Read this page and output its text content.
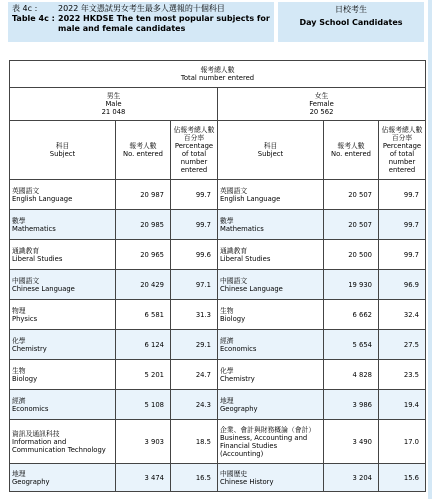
表 4c :	2022 年文憑試男女考生最多人選報的十個科目
Table 4c : 2022 HKDSE The ten most popular subjects for male and female candidates
日校考生
Day School Candidates
報考總人數
Total number entered					

男生
Male
21 048			女生
Female
20 562		

科目
Subject	報考人數
No. entered	佔報考總人數百分率
Percentage of total number entered	科目
Subject	報考人數
No. entered	佔報考總人數百分率
Percentage of total number entered

英國語文
English Language	20 987	99.7	英國語文
English Language	20 507	99.7

數學
Mathematics	20 985	99.7	數學
Mathematics	20 507	99.7

通識教育
Liberal Studies	20 965	99.6	通識教育
Liberal Studies	20 500	99.7

中國語文
Chinese Language	20 429	97.1	中國語文
Chinese Language	19 930	96.9

物理
Physics	6 581	31.3	生物
Biology	6 662	32.4

化學
Chemistry	6 124	29.1	經濟
Economics	5 654	27.5

生物
Biology	5 201	24.7	化學
Chemistry	4 828	23.5

經濟
Economics	5 108	24.3	地理
Geography	3 986	19.4

資訊及通訊科技
Information and Communication Technology	3 903	18.5	企業、會計與財務概論（會計）
Business, Accounting and Financial Studies (Accounting)	3 490	17.0

地理
Geography	3 474	16.5	中國歷史
Chinese History	3 204	15.6
